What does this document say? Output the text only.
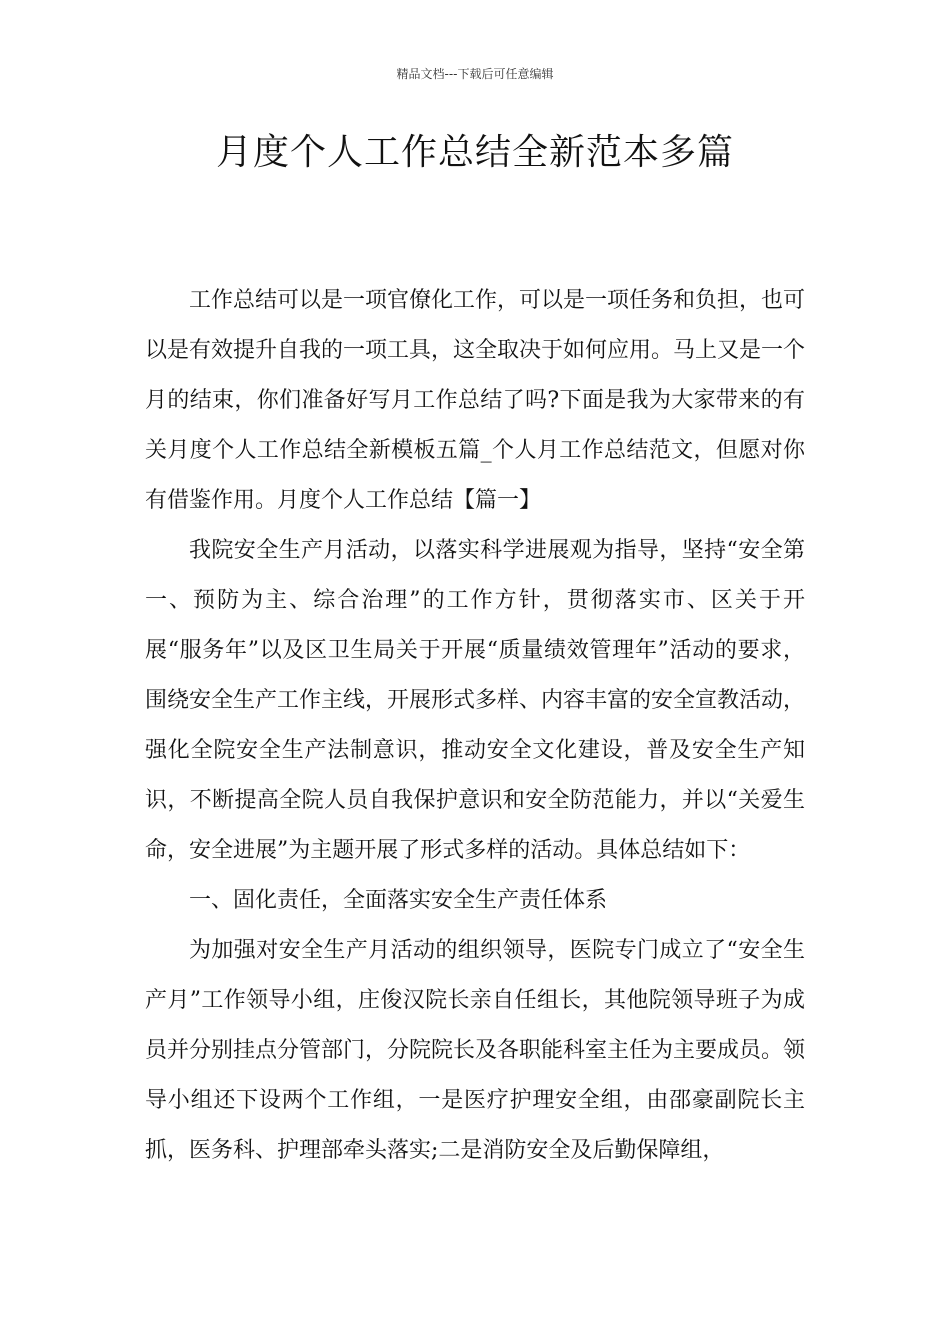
精品文档---下载后可任意编辑
月度个人工作总结全新范本多篇

工作总结可以是一项官僚化工作，可以是一项任务和负担，也可以是有效提升自我的一项工具，这全取决于如何应用。马上又是一个月的结束，你们准备好写月工作总结了吗?下面是我为大家带来的有关月度个人工作总结全新模板五篇_个人月工作总结范文，但愿对你有借鉴作用。月度个人工作总结【篇一】

我院安全生产月活动，以落实科学进展观为指导，坚持“安全第一、预防为主、综合治理”的工作方针，贯彻落实市、区关于开展“服务年”以及区卫生局关于开展“质量绩效管理年”活动的要求，围绕安全生产工作主线，开展形式多样、内容丰富的安全宣教活动，强化全院安全生产法制意识，推动安全文化建设，普及安全生产知识，不断提高全院人员自我保护意识和安全防范能力，并以“关爱生命，安全进展”为主题开展了形式多样的活动。具体总结如下：

一、固化责任，全面落实安全生产责任体系

为加强对安全生产月活动的组织领导，医院专门成立了“安全生产月”工作领导小组，庄俊汉院长亲自任组长，其他院领导班子为成员并分别挂点分管部门，分院院长及各职能科室主任为主要成员。领导小组还下设两个工作组，一是医疗护理安全组，由邵豪副院长主抓，医务科、护理部牵头落实;二是消防安全及后勤保障组，
